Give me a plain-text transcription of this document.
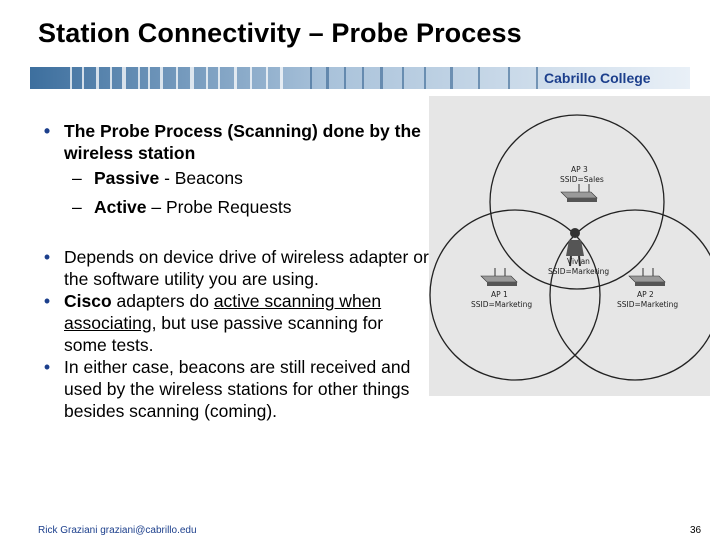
Station Connectivity – Probe Process
Cabrillo College
• The Probe Process (Scanning) done by the wireless station
– Passive - Beacons
– Active – Probe Requests
• Depends on device drive of wireless adapter or the software utility you are using.
• Cisco adapters do active scanning when associating, but use passive scanning for some tests.
• In either case, beacons are still received and used by the wireless stations for other things besides scanning (coming).
AP 3
SSID=Sales
Vivian
SSID=Marketing
AP 1
SSID=Marketing
AP 2
SSID=Marketing
Rick Graziani graziani@cabrillo.edu	36
